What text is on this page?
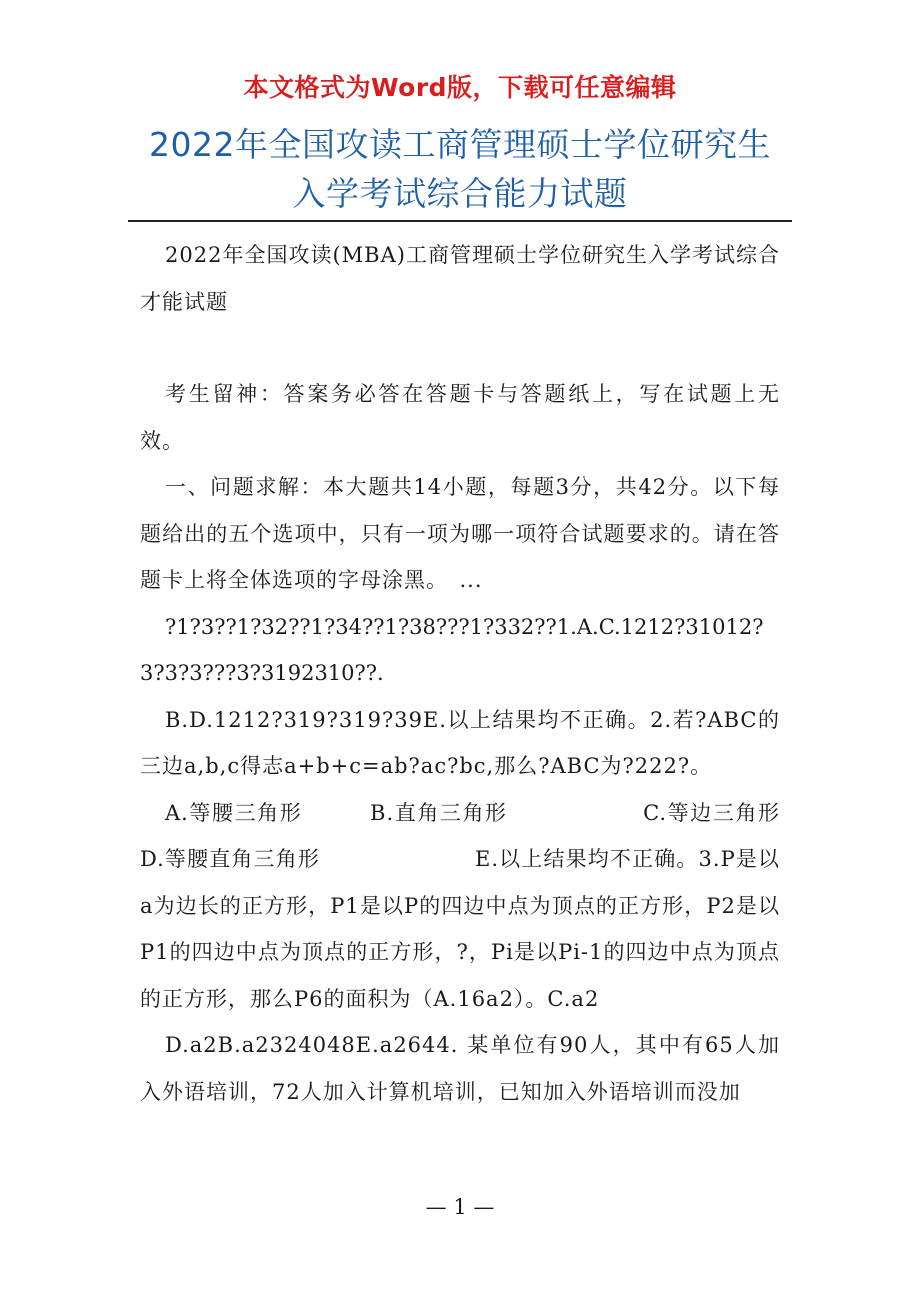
本文格式为Word版，下载可任意编辑
2022年全国攻读工商管理硕士学位研究生
入学考试综合能力试题

2022年全国攻读(MBA)工商管理硕士学位研究生入学考试综合才能试题

考生留神：答案务必答在答题卡与答题纸上，写在试题上无效。

一、问题求解：本大题共14小题，每题3分，共42分。以下每题给出的五个选项中，只有一项为哪一项符合试题要求的。请在答题卡上将全体选项的字母涂黑。　...

?1?3??1?32??1?34??1?38???1?332??1.A.C.1212?31012?3?3?3???3?3192310??.

B.D.1212?319?319?39E.以上结果均不正确。2.若?ABC的三边a,b,c得志a+b+c=ab?ac?bc,那么?ABC为?222?。

A.等腰三角形　　　B.直角三角形　　　　　　C.等边三角形 D.等腰直角三角形　　　　　　　E.以上结果均不正确。3.P是以a为边长的正方形，P1是以P的四边中点为顶点的正方形，P2是以P1的四边中点为顶点的正方形，?，Pi是以Pi-1的四边中点为顶点的正方形，那么P6的面积为（A.16a2）。C.a2

D.a2B.a2324048E.a2644. 某单位有90人，其中有65人加入外语培训，72人加入计算机培训，已知加入外语培训而没加

— 1 —
